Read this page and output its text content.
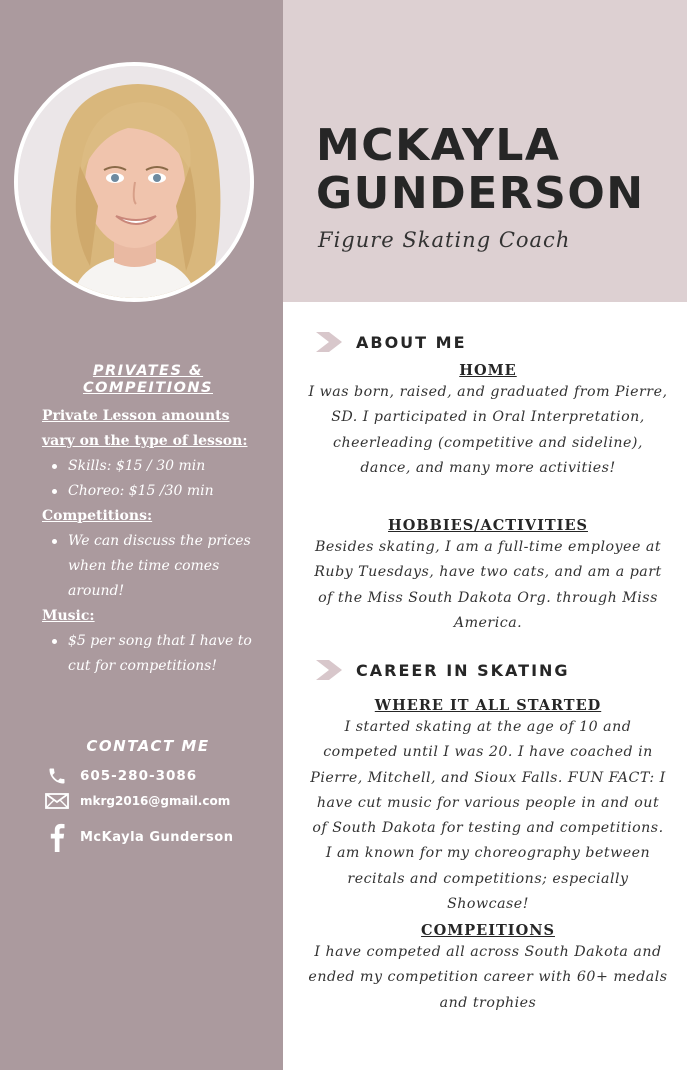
MCKAYLA
GUNDERSON
Figure Skating Coach
PRIVATES & COMPEITIONS
Private Lesson amounts vary on the type of lesson:
Skills: $15 / 30 min
Choreo: $15 /30 min
Competitions:
We can discuss the prices when the time comes around!
Music:
$5 per song that I have to cut for competitions!
CONTACT ME
605-280-3086
mkrg2016@gmail.com
McKayla Gunderson
ABOUT ME
HOME
I was born, raised, and graduated from Pierre, SD. I participated in Oral Interpretation, cheerleading (competitive and sideline), dance, and many more activities!
HOBBIES/ACTIVITIES
Besides skating, I am a full-time employee at Ruby Tuesdays, have two cats, and am a part of the Miss South Dakota Org. through Miss America.
CAREER IN SKATING
WHERE IT ALL STARTED
I started skating at the age of 10 and competed until I was 20. I have coached in Pierre, Mitchell, and Sioux Falls. FUN FACT: I have cut music for various people in and out of South Dakota for testing and competitions. I am known for my choreography between recitals and competitions; especially Showcase!
COMPEITIONS
I have competed all across South Dakota and ended my competition career with 60+ medals and trophies
